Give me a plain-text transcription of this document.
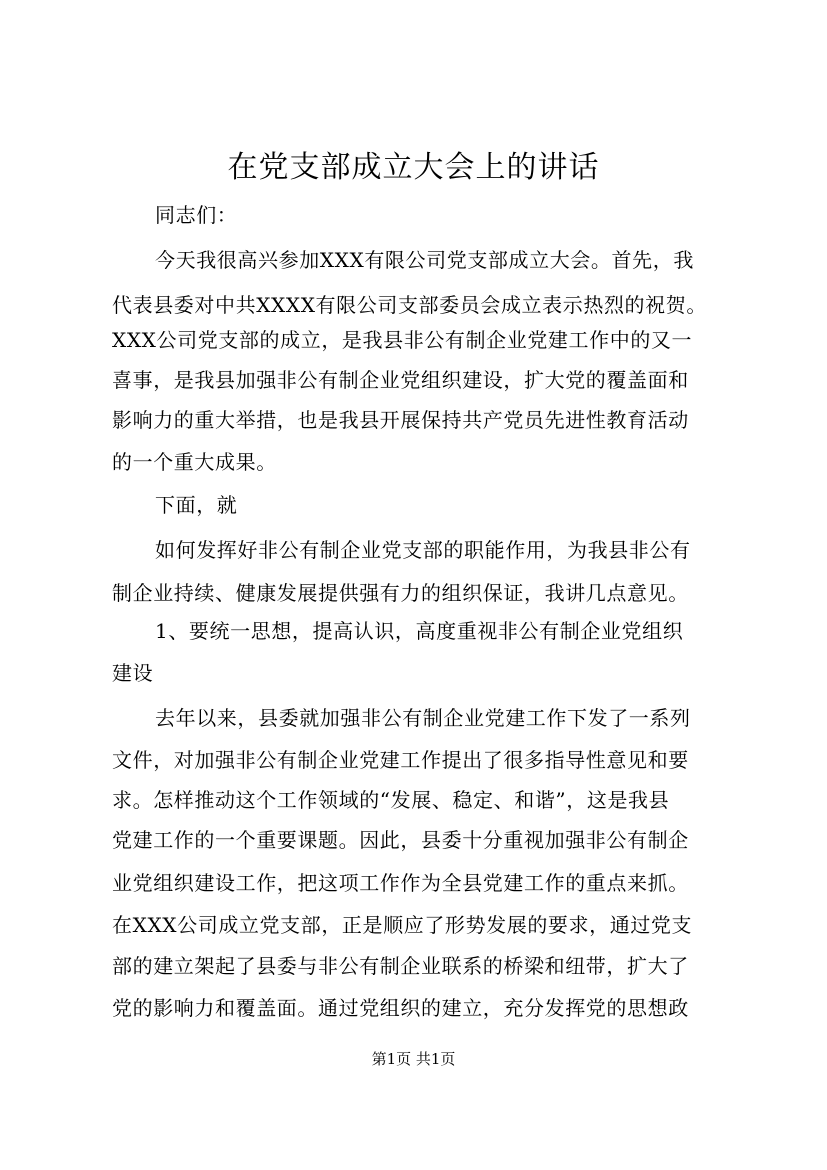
在党支部成立大会上的讲话
同志们：
今天我很高兴参加XXX有限公司党支部成立大会。首先，我
代表县委对中共XXXX有限公司支部委员会成立表示热烈的祝贺。
XXX公司党支部的成立，是我县非公有制企业党建工作中的又一
喜事，是我县加强非公有制企业党组织建设，扩大党的覆盖面和
影响力的重大举措，也是我县开展保持共产党员先进性教育活动
的一个重大成果。
下面，就
如何发挥好非公有制企业党支部的职能作用，为我县非公有
制企业持续、健康发展提供强有力的组织保证，我讲几点意见。
1、要统一思想，提高认识，高度重视非公有制企业党组织
建设
去年以来，县委就加强非公有制企业党建工作下发了一系列
文件，对加强非公有制企业党建工作提出了很多指导性意见和要
求。怎样推动这个工作领域的“发展、稳定、和谐”，这是我县
党建工作的一个重要课题。因此，县委十分重视加强非公有制企
业党组织建设工作，把这项工作作为全县党建工作的重点来抓。
在XXX公司成立党支部，正是顺应了形势发展的要求，通过党支
部的建立架起了县委与非公有制企业联系的桥梁和纽带，扩大了
党的影响力和覆盖面。通过党组织的建立，充分发挥党的思想政
第1页 共1页
